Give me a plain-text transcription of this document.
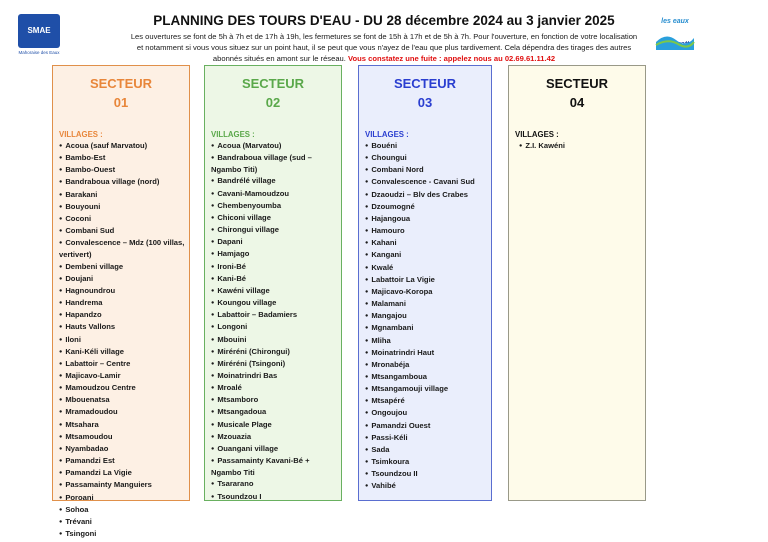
SMAE
Mahoraise des Eaux
les eaux
PLANNING DES TOURS D'EAU - DU 28 décembre 2024 au 3 janvier 2025
Les ouvertures se font de 5h à 7h et de 17h à 19h, les fermetures se font de 15h à 17h et de 5h à 7h. Pour l'ouverture, en fonction de votre localisation
et notamment si vous vous situez sur un point haut, il se peut que vous n'ayez de l'eau que plus tardivement. Cela dépendra des tirages des autres
abonnés situés en amont sur le réseau. Vous constatez une fuite : appelez nous au 02.69.61.11.42
SECTEUR
01
VILLAGES :
● Acoua (sauf Marvatou)
● Bambo-Est
● Bambo-Ouest
● Bandraboua village (nord)
● Barakani
● Bouyouni
● Coconi
● Combani Sud
● Convalescence – Mdz (100 villas, vertivert)
● Dembeni village
● Doujani
● Hagnoundrou
● Handrema
● Hapandzo
● Hauts Vallons
● Iloni
● Kani-Kéli village
● Labattoir – Centre
● Majicavo-Lamir
● Mamoudzou Centre
● Mbouenatsa
● Mramadoudou
● Mtsahara
● Mtsamoudou
● Nyambadao
● Pamandzi Est
● Pamandzi La Vigie
● Passamainty Manguiers
● Poroani
● Sohoa
● Trévani
● Tsingoni
SECTEUR
02
VILLAGES :
● Acoua (Marvatou)
● Bandraboua village (sud – Ngambo Titi)
● Bandrélé village
● Cavani-Mamoudzou
● Chembenyoumba
● Chiconi village
● Chirongui village
● Dapani
● Hamjago
● Ironi-Bé
● Kani-Bé
● Kawéni village
● Koungou village
● Labattoir – Badamiers
● Longoni
● Mbouini
● Miréréni (Chirongui)
● Miréréni (Tsingoni)
● Moinatrindri Bas
● Mroalé
● Mtsamboro
● Mtsangadoua
● Musicale Plage
● Mzouazia
● Ouangani village
● Passamainty Kavani-Bé + Ngambo Titi
● Tsararano
● Tsoundzou I
SECTEUR
03
VILLAGES :
● Bouéni
● Choungui
● Combani Nord
● Convalescence - Cavani Sud
● Dzaoudzi – Blv des Crabes
● Dzoumogné
● Hajangoua
● Hamouro
● Kahani
● Kangani
● Kwalé
● Labattoir La Vigie
● Majicavo-Koropa
● Malamani
● Mangajou
● Mgnambani
● Mliha
● Moinatrindri Haut
● Mronabéja
● Mtsangamboua
● Mtsangamouji village
● Mtsapéré
● Ongoujou
● Pamandzi Ouest
● Passi-Kéli
● Sada
● Tsimkoura
● Tsoundzou II
● Vahibé
SECTEUR
04
VILLAGES :
● Z.I. Kawéni
